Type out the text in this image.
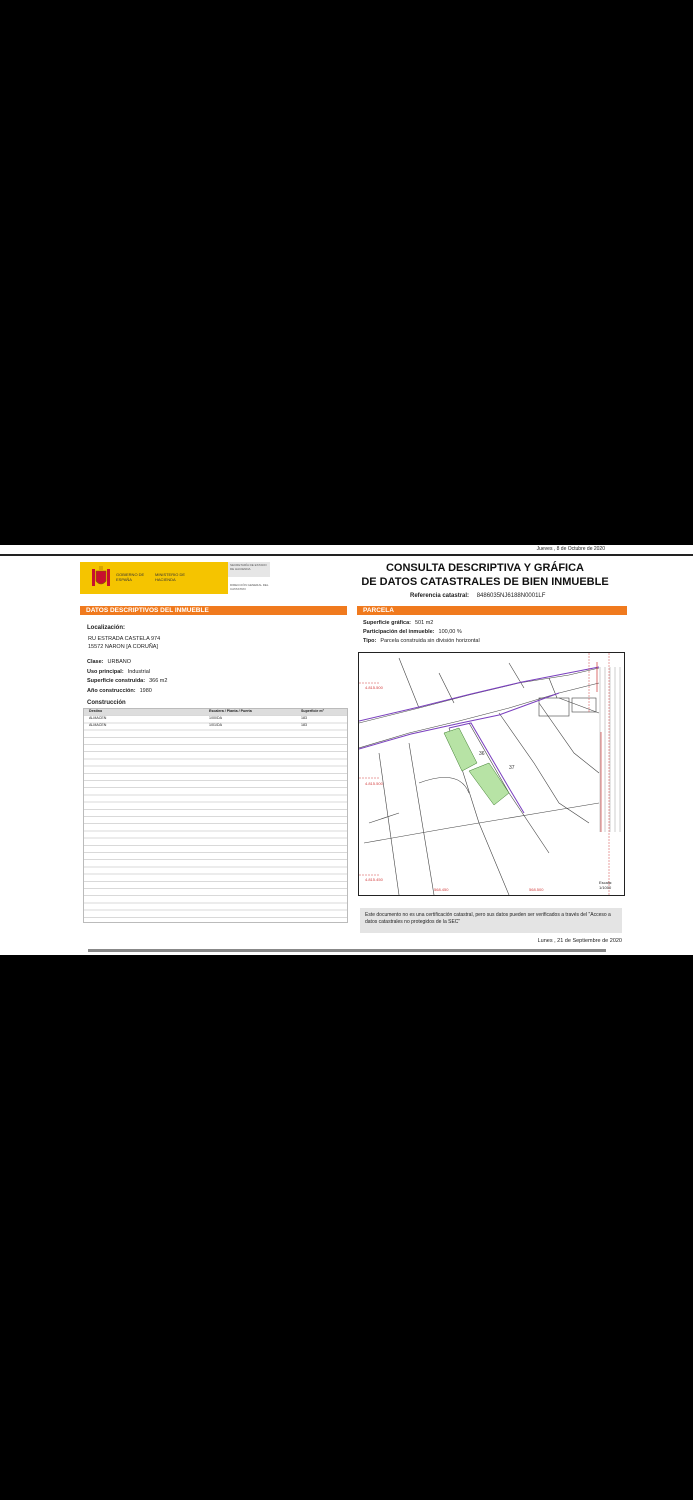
Jueves , 8 de Octubre de 2020
GOBIERNO DE ESPAÑA
MINISTERIO DE HACIENDA
SECRETARÍA DE ESTADO DE HACIENDA
DIRECCIÓN GENERAL DEL CATASTRO
CONSULTA DESCRIPTIVA Y GRÁFICA
DE DATOS CATASTRALES DE BIEN INMUEBLE
Referencia catastral: 8486035NJ6188N0001LF
DATOS DESCRIPTIVOS DEL INMUEBLE	PARCELA
Localización:
RU ESTRADA CASTELA 974
15572 NARON [A CORUÑA]
Clase: URBANO
Uso principal: Industrial
Superficie construida: 366 m2
Año construcción: 1980
Construcción
Destino	Escalera / Planta / Puerta	Superficie m²
ALMACEN	1/00/DA	183
ALMACEN	1/01/DA	183
Superficie gráfica: 501 m2
Participación del inmueble: 100,00 %
Tipo: Parcela construida sin división horizontal
4.815.500
4.815.500
4.815.450
568.450	568.500
36
37
Escala:
1/1000
Este documento no es una certificación catastral, pero sus datos pueden ser verificados a través del "Acceso a datos catastrales no protegidos de la SEC"
Lunes , 21 de Septiembre de 2020
